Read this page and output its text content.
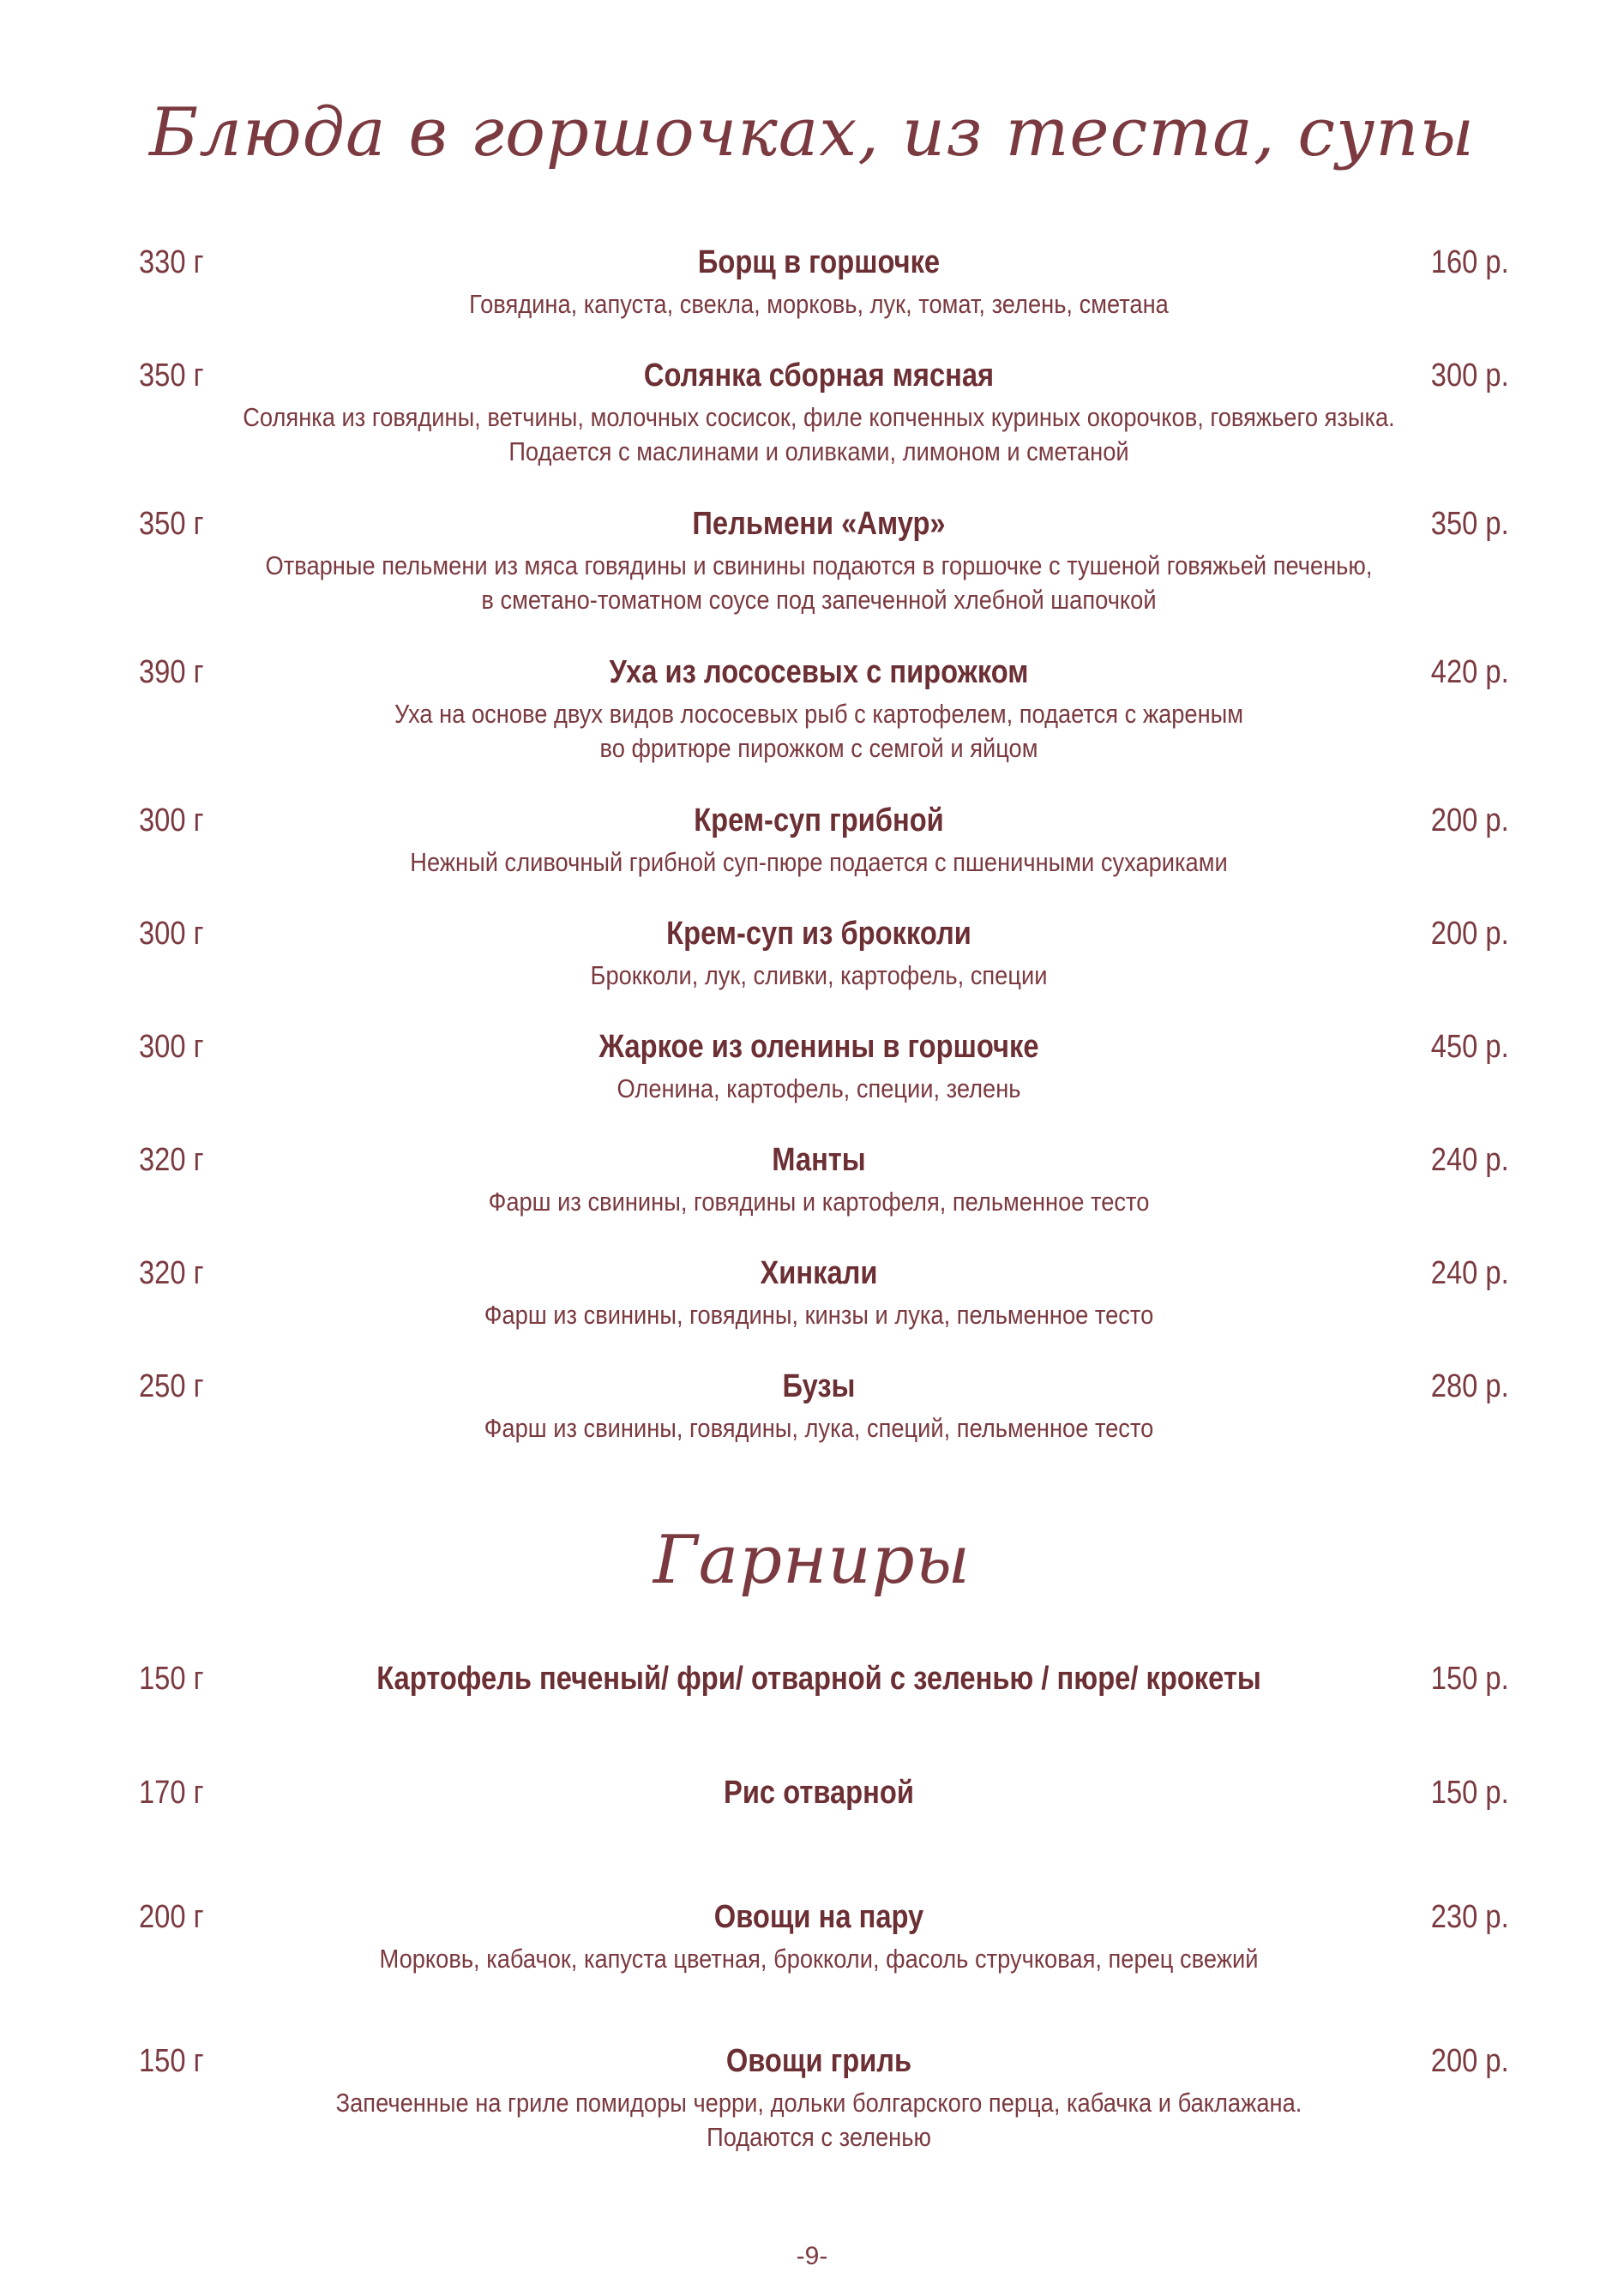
Блюда в горшочках, из теста, супы
330 г	Борщ в горшочке	160 р.
Говядина, капуста, свекла, морковь, лук, томат, зелень, сметана
350 г	Солянка сборная мясная	300 р.
Солянка из говядины, ветчины, молочных сосисок, филе копченных куриных окорочков, говяжьего языка.
Подается с маслинами и оливками, лимоном и сметаной
350 г	Пельмени «Амур»	350 р.
Отварные пельмени из мяса говядины и свинины подаются в горшочке с тушеной говяжьей печенью,
в сметано-томатном соусе под запеченной хлебной шапочкой
390 г	Уха из лососевых с пирожком	420 р.
Уха на основе двух видов лососевых рыб с картофелем, подается с жареным
во фритюре пирожком с семгой и яйцом
300 г	Крем-суп грибной	200 р.
Нежный сливочный грибной суп-пюре подается с пшеничными сухариками
300 г	Крем-суп из брокколи	200 р.
Брокколи, лук, сливки, картофель, специи
300 г	Жаркое из оленины в горшочке	450 р.
Оленина, картофель, специи, зелень
320 г	Манты	240 р.
Фарш из свинины, говядины и картофеля, пельменное тесто
320 г	Хинкали	240 р.
Фарш из свинины, говядины, кинзы и лука, пельменное тесто
250 г	Бузы	280 р.
Фарш из свинины, говядины, лука, специй, пельменное тесто
Гарниры
150 г	Картофель печеный/ фри/ отварной с зеленью / пюре/ крокеты	150 р.
170 г	Рис отварной	150 р.
200 г	Овощи на пару	230 р.
Морковь, кабачок, капуста цветная, брокколи, фасоль стручковая, перец свежий
150 г	Овощи гриль	200 р.
Запеченные на гриле помидоры черри, дольки болгарского перца, кабачка и баклажана.
Подаются с зеленью
-9-
